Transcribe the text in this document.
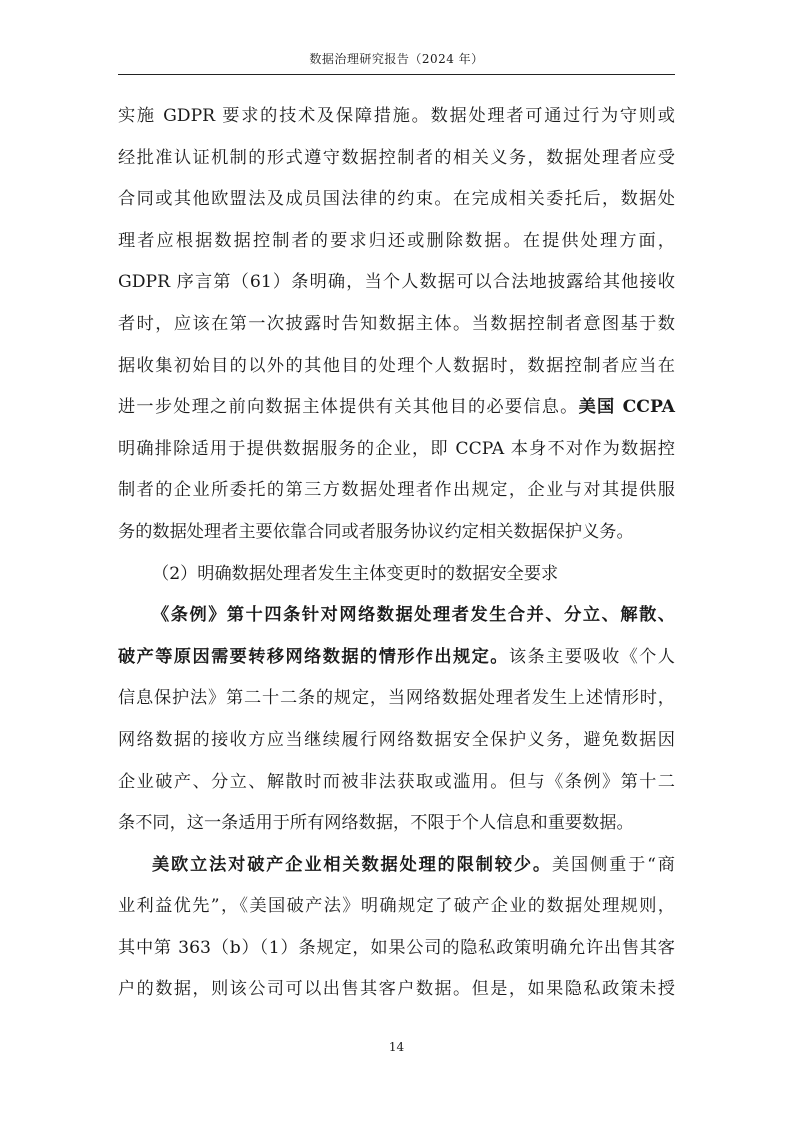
数据治理研究报告（2024 年）
实施 GDPR 要求的技术及保障措施。数据处理者可通过行为守则或
经批准认证机制的形式遵守数据控制者的相关义务，数据处理者应受
合同或其他欧盟法及成员国法律的约束。在完成相关委托后，数据处
理者应根据数据控制者的要求归还或删除数据。在提供处理方面，
GDPR 序言第（61）条明确，当个人数据可以合法地披露给其他接收
者时，应该在第一次披露时告知数据主体。当数据控制者意图基于数
据收集初始目的以外的其他目的处理个人数据时，数据控制者应当在
进一步处理之前向数据主体提供有关其他目的必要信息。美国 CCPA
明确排除适用于提供数据服务的企业，即 CCPA 本身不对作为数据控
制者的企业所委托的第三方数据处理者作出规定，企业与对其提供服
务的数据处理者主要依靠合同或者服务协议约定相关数据保护义务。
（2）明确数据处理者发生主体变更时的数据安全要求
《条例》第十四条针对网络数据处理者发生合并、分立、解散、
破产等原因需要转移网络数据的情形作出规定。该条主要吸收《个人
信息保护法》第二十二条的规定，当网络数据处理者发生上述情形时，
网络数据的接收方应当继续履行网络数据安全保护义务，避免数据因
企业破产、分立、解散时而被非法获取或滥用。但与《条例》第十二
条不同，这一条适用于所有网络数据，不限于个人信息和重要数据。
美欧立法对破产企业相关数据处理的限制较少。美国侧重于“商
业利益优先”，《美国破产法》明确规定了破产企业的数据处理规则，
其中第 363（b）（1）条规定，如果公司的隐私政策明确允许出售其客
户的数据，则该公司可以出售其客户数据。但是，如果隐私政策未授
14
